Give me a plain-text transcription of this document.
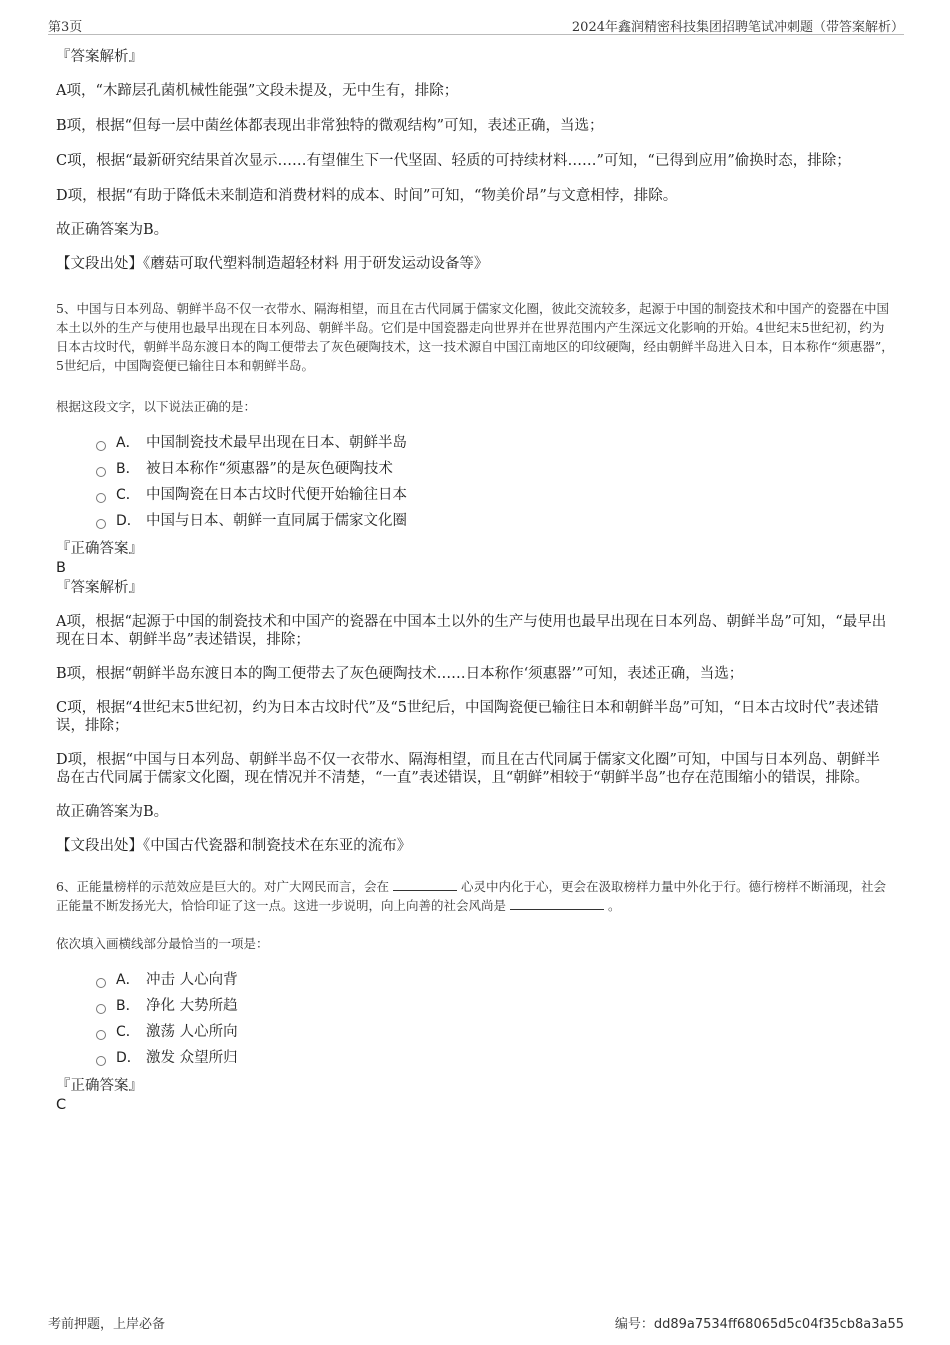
第3页	2024年鑫润精密科技集团招聘笔试冲刺题（带答案解析）

『答案解析』

A项，“木蹄层孔菌机械性能强”文段未提及，无中生有，排除；

B项，根据“但每一层中菌丝体都表现出非常独特的微观结构”可知，表述正确，当选；

C项，根据“最新研究结果首次显示……有望催生下一代坚固、轻质的可持续材料……”可知，“已得到应用”偷换时态，排除；

D项，根据“有助于降低未来制造和消费材料的成本、时间”可知，“物美价昂”与文意相悖，排除。

故正确答案为B。

【文段出处】《蘑菇可取代塑料制造超轻材料 用于研发运动设备等》

5、中国与日本列岛、朝鲜半岛不仅一衣带水、隔海相望，而且在古代同属于儒家文化圈，彼此交流较多，起源于中国的制瓷技术和中国产的瓷器在中国本土以外的生产与使用也最早出现在日本列岛、朝鲜半岛。它们是中国瓷器走向世界并在世界范围内产生深远文化影响的开始。4世纪末5世纪初，约为日本古坟时代，朝鲜半岛东渡日本的陶工便带去了灰色硬陶技术，这一技术源自中国江南地区的印纹硬陶，经由朝鲜半岛进入日本，日本称作“须惠器”，5世纪后，中国陶瓷便已输往日本和朝鲜半岛。

根据这段文字，以下说法正确的是：

A． 中国制瓷技术最早出现在日本、朝鲜半岛
B． 被日本称作“须惠器”的是灰色硬陶技术
C． 中国陶瓷在日本古坟时代便开始输往日本
D． 中国与日本、朝鲜一直同属于儒家文化圈

『正确答案』

B

『答案解析』

A项，根据“起源于中国的制瓷技术和中国产的瓷器在中国本土以外的生产与使用也最早出现在日本列岛、朝鲜半岛”可知，“最早出现在日本、朝鲜半岛”表述错误，排除；

B项，根据“朝鲜半岛东渡日本的陶工便带去了灰色硬陶技术……日本称作‘须惠器’”可知，表述正确，当选；

C项，根据“4世纪末5世纪初，约为日本古坟时代”及“5世纪后，中国陶瓷便已输往日本和朝鲜半岛”可知，“日本古坟时代”表述错误，排除；

D项，根据“中国与日本列岛、朝鲜半岛不仅一衣带水、隔海相望，而且在古代同属于儒家文化圈”可知，中国与日本列岛、朝鲜半岛在古代同属于儒家文化圈，现在情况并不清楚，“一直”表述错误，且“朝鲜”相较于“朝鲜半岛”也存在范围缩小的错误，排除。

故正确答案为B。

【文段出处】《中国古代瓷器和制瓷技术在东亚的流布》

6、正能量榜样的示范效应是巨大的。对广大网民而言，会在	心灵中内化于心，更会在汲取榜样力量中外化于行。德行榜样不断涌现，社会正能量不断发扬光大，恰恰印证了这一点。这进一步说明，向上向善的社会风尚是	。

依次填入画横线部分最恰当的一项是：

A． 冲击 人心向背
B． 净化 大势所趋
C． 激荡 人心所向
D． 激发 众望所归

『正确答案』

C

考前押题，上岸必备	编号：dd89a7534ff68065d5c04f35cb8a3a55
